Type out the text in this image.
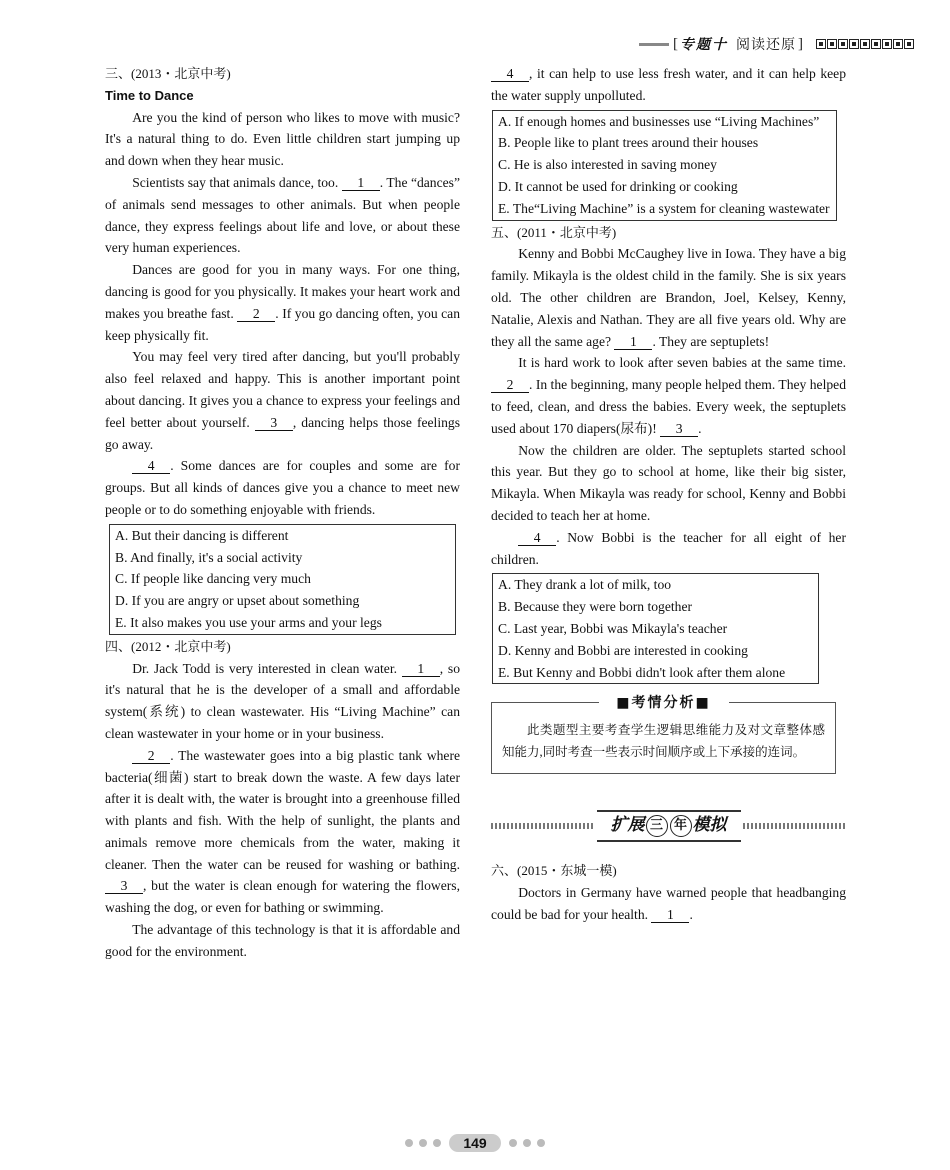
[ 专题十 阅读还原 ]

三、(2013・北京中考)

Time to Dance

Are you the kind of person who likes to move with music? It's a natural thing to do. Even little children start jumping up and down when they hear music.

Scientists say that animals dance, too. 1 . The “dances” of animals send messages to other animals. But when people dance, they express feelings about life and love, or about these very human experiences.

Dances are good for you in many ways. For one thing, dancing is good for you physically. It makes your heart work and makes you breathe fast. 2 . If you go dancing often, you can keep physically fit.

You may feel very tired after dancing, but you'll probably also feel relaxed and happy. This is another important point about dancing. It gives you a chance to express your feelings and feel better about yourself. 3 , dancing helps those feelings go away.

4 . Some dances are for couples and some are for groups. But all kinds of dances give you a chance to meet new people or to do something enjoyable with friends.

A. But their dancing is different
B. And finally, it's a social activity
C. If people like dancing very much
D. If you are angry or upset about something
E. It also makes you use your arms and your legs

四、(2012・北京中考)

Dr. Jack Todd is very interested in clean water. 1 , so it's natural that he is the developer of a small and affordable system(系统) to clean wastewater. His “Living Machine” can clean wastewater in your home or in your business.

2 . The wastewater goes into a big plastic tank where bacteria(细菌) start to break down the waste. A few days later after it is dealt with, the water is brought into a greenhouse filled with plants and fish. With the help of sunlight, the plants and animals remove more chemicals from the water, making it cleaner. Then the water can be reused for washing or bathing. 3 , but the water is clean enough for watering the flowers, washing the dog, or even for bathing or swimming.

The advantage of this technology is that it is affordable and good for the environment.

4 , it can help to use less fresh water, and it can help keep the water supply unpolluted.

A. If enough homes and businesses use “Living Machines”
B. People like to plant trees around their houses
C. He is also interested in saving money
D. It cannot be used for drinking or cooking
E. The“Living Machine” is a system for cleaning wastewater

五、(2011・北京中考)

Kenny and Bobbi McCaughey live in Iowa. They have a big family. Mikayla is the oldest child in the family. She is six years old. The other children are Brandon, Joel, Kelsey, Kenny, Natalie, Alexis and Nathan. They are all five years old. Why are they all the same age? 1 . They are septuplets!

It is hard work to look after seven babies at the same time. 2 . In the beginning, many people helped them. They helped to feed, clean, and dress the babies. Every week, the septuplets used about 170 diapers(尿布)! 3 .

Now the children are older. The septuplets started school this year. But they go to school at home, like their big sister, Mikayla. When Mikayla was ready for school, Kenny and Bobbi decided to teach her at home.

4 . Now Bobbi is the teacher for all eight of her children.

A. They drank a lot of milk, too
B. Because they were born together
C. Last year, Bobbi was Mikayla's teacher
D. Kenny and Bobbi are interested in cooking
E. But Kenny and Bobbi didn't look after them alone
■考情分析■
此类题型主要考查学生逻辑思维能力及对文章整体感知能力,同时考查一些表示时间顺序或上下承接的连词。
扩展 三 年 模拟

六、(2015・东城一模)

Doctors in Germany have warned people that headbanging could be bad for your health. 1 .

149
